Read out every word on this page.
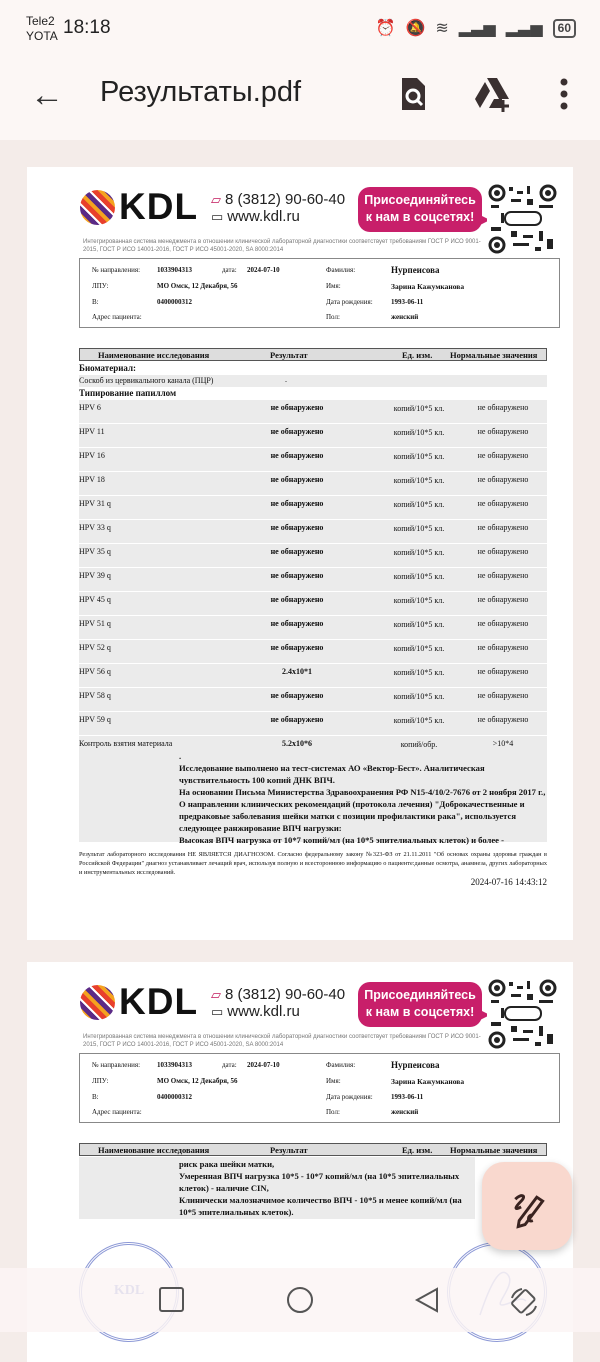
Tele2
YOTA 18:18	⏰ 🔕 ≋ ▂▃▅ ▂▃▅	60
← Результаты.pdf
KDL ▱ 8 (3812) 90-60-40
▭ www.kdl.ru
Присоединяйтесь
к нам в соцсетях!
Интегрированная система менеджмента в отношении клинической лабораторной диагностики соответствует требованиям ГОСТ Р ИСО 9001-2015, ГОСТ Р ИСО 14001-2016, ГОСТ Р ИСО 45001-2020, SA 8000:2014
№ направления: 1033904313	дата: 2024-07-10
ЛПУ:	МО Омск, 12 Декабря, 56
В:	0400000312
Адрес пациента:
Фамилия:	Нурпеисова
Имя:	Зарина Кажумкановa
Дата рождения:	1993-06-11
Пол:	женский
Наименование исследования	Результат	Ед. изм. Нормальные значения
Биоматериал:
Соскоб из цервикального канала (ПЦР)	.
Типирование папиллом
HPV 6	не обнаружено	копий/10*5 кл.	не обнаружено
HPV 11	не обнаружено	копий/10*5 кл.	не обнаружено
HPV 16	не обнаружено	копий/10*5 кл.	не обнаружено
HPV 18	не обнаружено	копий/10*5 кл.	не обнаружено
HPV 31 q	не обнаружено	копий/10*5 кл.	не обнаружено
HPV 33 q	не обнаружено	копий/10*5 кл.	не обнаружено
HPV 35 q	не обнаружено	копий/10*5 кл.	не обнаружено
HPV 39 q	не обнаружено	копий/10*5 кл.	не обнаружено
HPV 45 q	не обнаружено	копий/10*5 кл.	не обнаружено
HPV 51 q	не обнаружено	копий/10*5 кл.	не обнаружено
HPV 52 q	не обнаружено	копий/10*5 кл.	не обнаружено
HPV 56 q	2.4x10*1	копий/10*5 кл.	не обнаружено
HPV 58 q	не обнаружено	копий/10*5 кл.	не обнаружено
HPV 59 q	не обнаружено	копий/10*5 кл.	не обнаружено
Контроль взятия материала	5.2x10*6	копий/обр.	>10*4
.
Исследование выполнено на тест-системах АО «Вектор-Бест». Аналитическая чувствительность 100 копий ДНК ВПЧ.
На основании Письма Министерства Здравоохранения РФ N15-4/10/2-7676 от 2 ноября 2017 г., О направлении клинических рекомендаций (протокола лечения) "Доброкачественные и предраковые заболевания шейки матки с позиции профилактики рака", используется следующее ранжирование ВПЧ нагрузки:
Высокая ВПЧ нагрузка от 10*7 копий/мл (на 10*5 эпителиальных клеток) и более -
Результат лабораторного исследования НЕ ЯВЛЯЕТСЯ ДИАГНОЗОМ. Согласно федеральному закону №323-ФЗ от 21.11.2011 "Об основах охраны здоровья граждан в Российской Федерации" диагноз устанавливает лечащий врач, используя полную и всестороннюю информацию о пациенте:данные осмотра, анамнеза, других лабораторных и инструментальных исследований.
2024-07-16 14:43:12
KDL ▱ 8 (3812) 90-60-40
▭ www.kdl.ru
Присоединяйтесь
к нам в соцсетях!
Интегрированная система менеджмента в отношении клинической лабораторной диагностики соответствует требованиям ГОСТ Р ИСО 9001-2015, ГОСТ Р ИСО 14001-2016, ГОСТ Р ИСО 45001-2020, SA 8000:2014
№ направления: 1033904313	дата: 2024-07-10
ЛПУ:	МО Омск, 12 Декабря, 56
В:	0400000312
Адрес пациента:
Фамилия:	Нурпеисова
Имя:	Зарина Кажумкановa
Дата рождения:	1993-06-11
Пол:	женский
Наименование исследования	Результат	Ед. изм. Нормальные значения
риск рака шейки матки,
Умеренная ВПЧ нагрузка 10*5 - 10*7 копий/мл (на 10*5 эпителиальных клеток) - наличие CIN,
Клинически малозначимое количество ВПЧ - 10*5 и менее копий/мл (на 10*5 эпителиальных клеток).
